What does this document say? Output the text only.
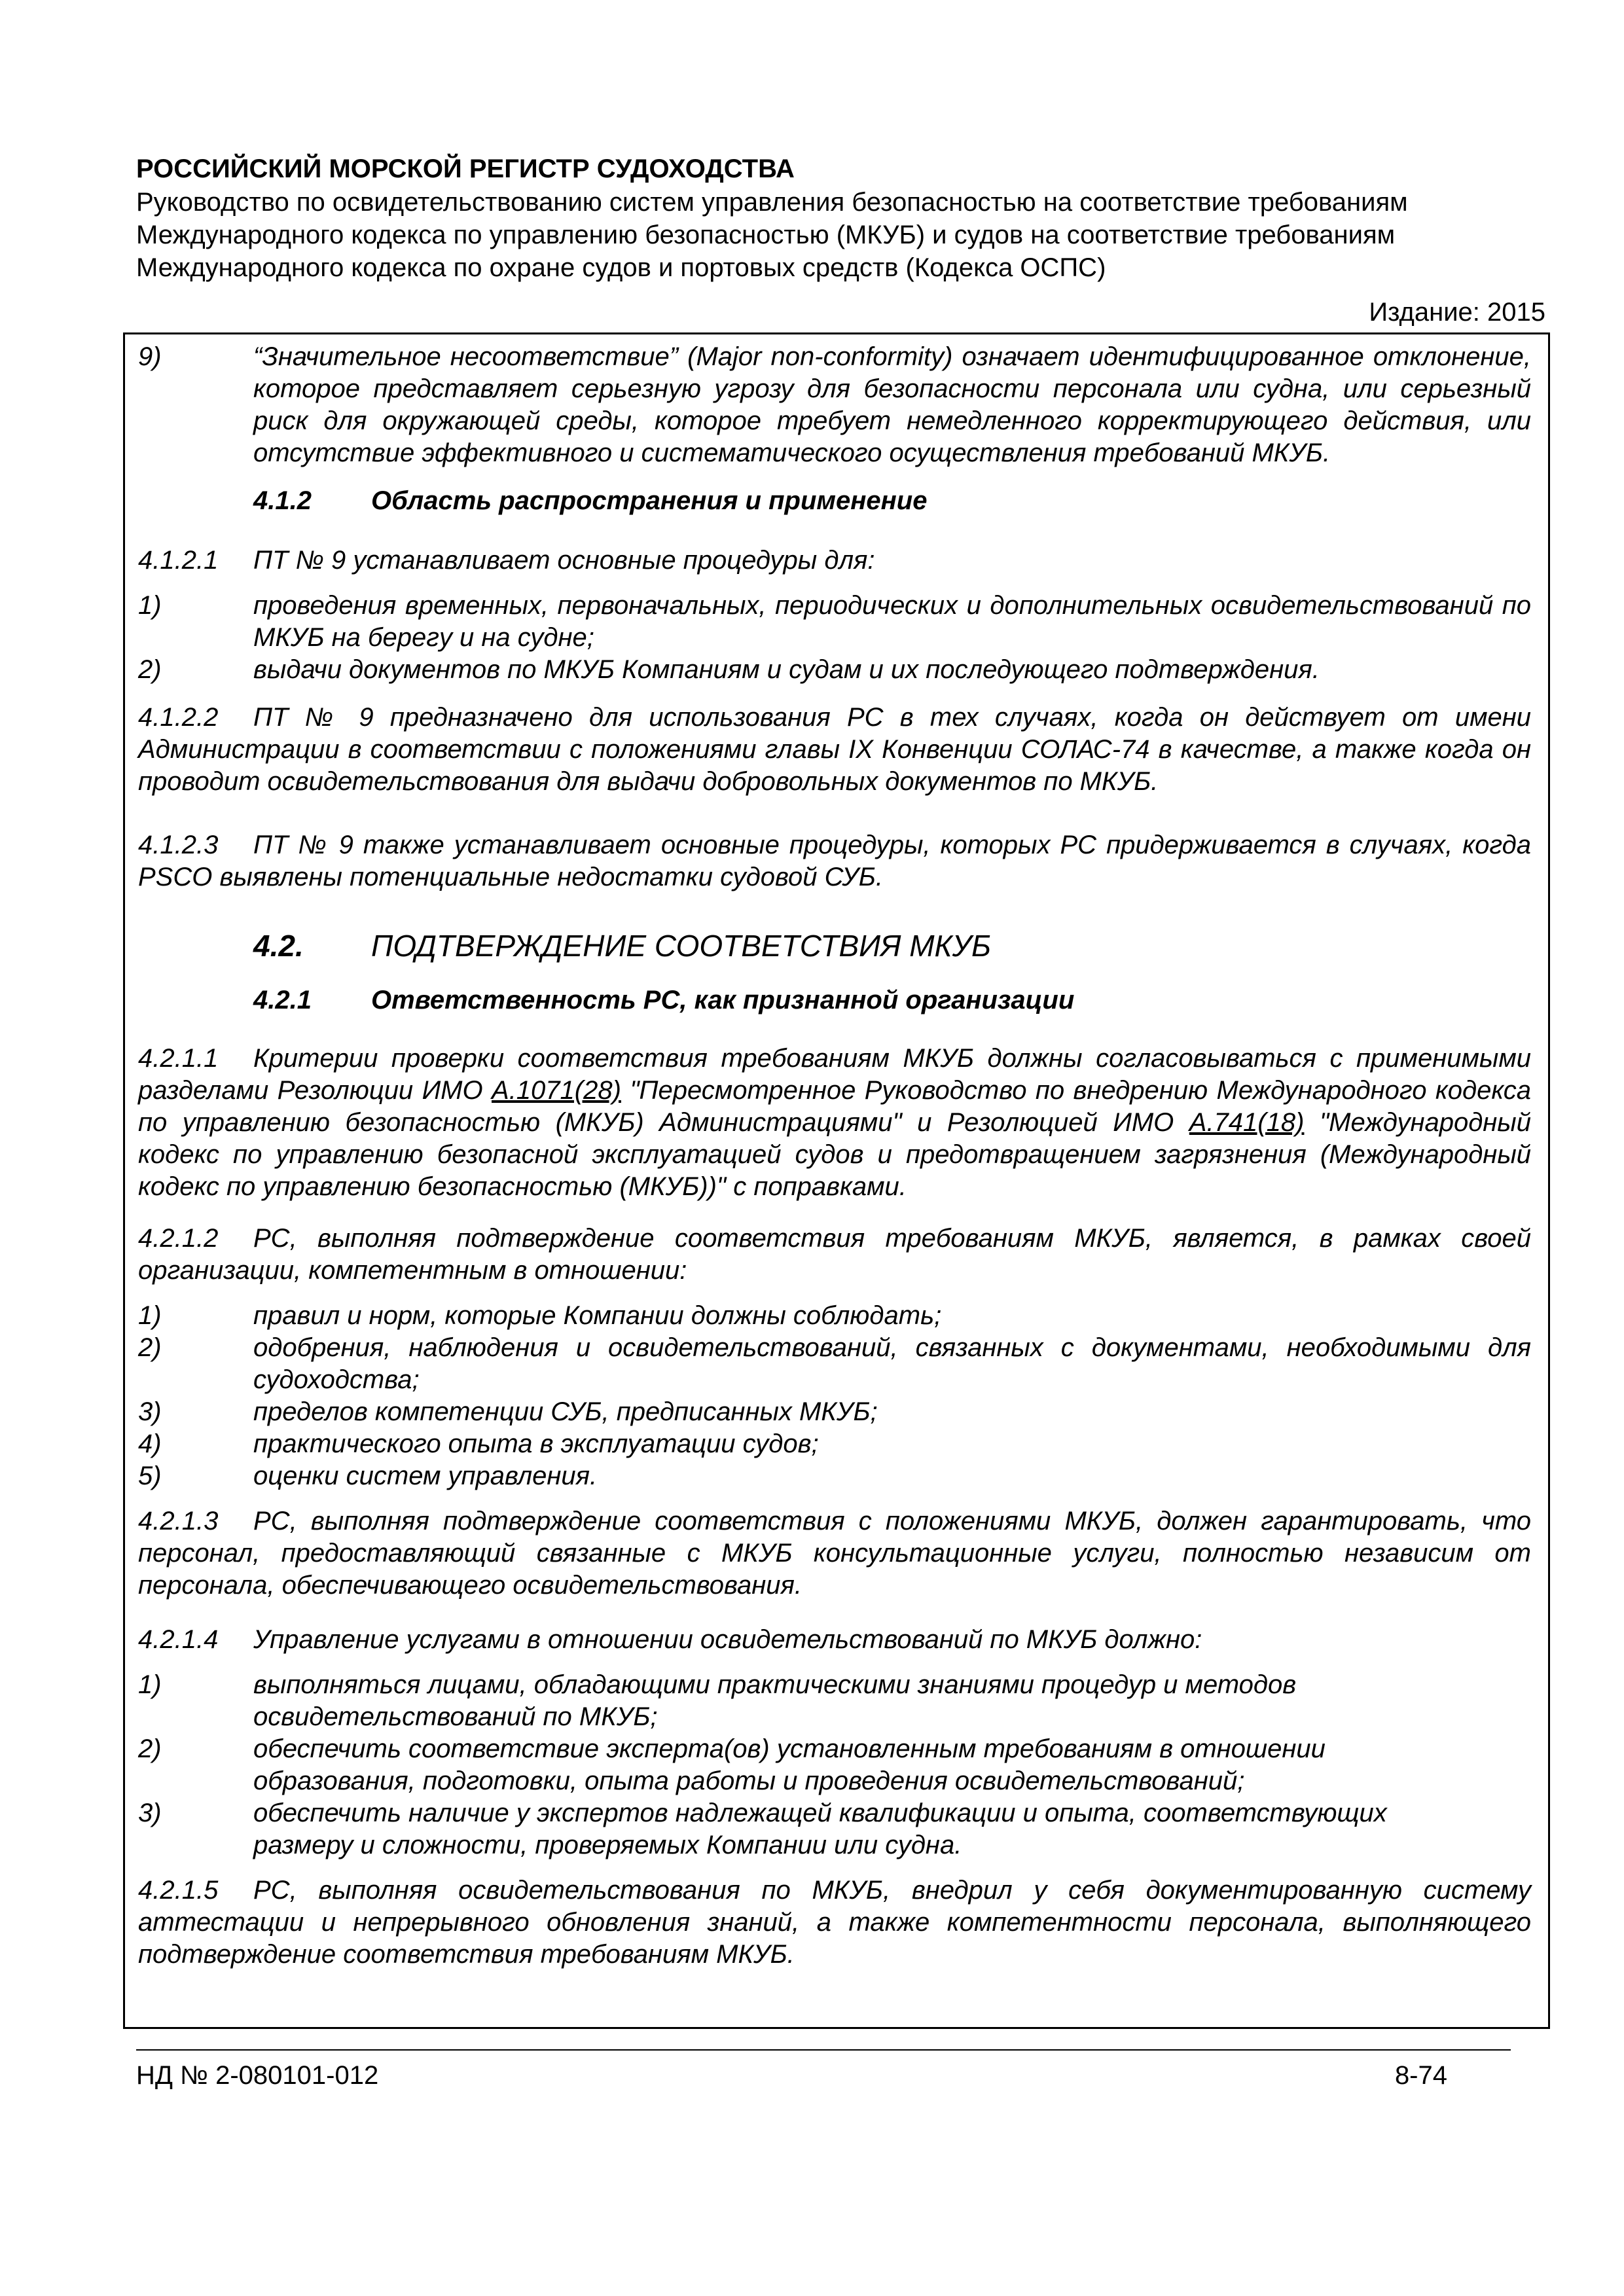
РОССИЙСКИЙ МОРСКОЙ РЕГИСТР СУДОХОДСТВА
Руководство по освидетельствованию систем управления безопасностью на соответствие требованиям
Международного кодекса по управлению безопасностью (МКУБ) и судов на соответствие требованиям
Международного кодекса по охране судов и портовых средств (Кодекса ОСПС)
Издание: 2015
9)	“Значительное несоответствие” (Major non-conformity) означает идентифицированное отклонение, которое представляет серьезную угрозу для безопасности персонала или судна, или серьезный риск для окружающей среды, которое требует немедленного корректирующего действия, или отсутствие эффективного и систематического осуществления требований МКУБ.
4.1.2 Область распространения и применение

4.1.2.1 ПТ № 9 устанавливает основные процедуры для:

1)	проведения временных, первоначальных, периодических и дополнительных освидетельствований по МКУБ на берегу и на судне;
2)	выдачи документов по МКУБ Компаниям и судам и их последующего подтверждения.

4.1.2.2 ПТ № 9 предназначено для использования РС в тех случаях, когда он действует от имени Администрации в соответствии с положениями главы IX Конвенции СОЛАС-74 в качестве, а также когда он проводит освидетельствования для выдачи добровольных документов по МКУБ.

4.1.2.3 ПТ № 9 также устанавливает основные процедуры, которых РС придерживается в случаях, когда PSCO выявлены потенциальные недостатки судовой СУБ.

4.2. ПОДТВЕРЖДЕНИЕ СООТВЕТСТВИЯ МКУБ
4.2.1 Ответственность РС, как признанной организации

4.2.1.1 Критерии проверки соответствия требованиям МКУБ должны согласовываться с применимыми разделами Резолюции ИМО A.1071(28) "Пересмотренное Руководство по внедрению Международного кодекса по управлению безопасностью (МКУБ) Администрациями" и Резолюцией ИМО A.741(18) "Международный кодекс по управлению безопасной эксплуатацией судов и предотвращением загрязнения (Международный кодекс по управлению безопасностью (МКУБ))" с поправками.

4.2.1.2 РС, выполняя подтверждение соответствия требованиям МКУБ, является, в рамках своей организации, компетентным в отношении:

1)	правил и норм, которые Компании должны соблюдать;
2)	одобрения, наблюдения и освидетельствований, связанных с документами, необходимыми для судоходства;
3)	пределов компетенции СУБ, предписанных МКУБ;
4)	практического опыта в эксплуатации судов;
5)	оценки систем управления.

4.2.1.3 РС, выполняя подтверждение соответствия с положениями МКУБ, должен гарантировать, что персонал, предоставляющий связанные с МКУБ консультационные услуги, полностью независим от персонала, обеспечивающего освидетельствования.

4.2.1.4 Управление услугами в отношении освидетельствований по МКУБ должно:

1)	выполняться лицами, обладающими практическими знаниями процедур и методов освидетельствований по МКУБ;
2)	обеспечить соответствие эксперта(ов) установленным требованиям в отношении образования, подготовки, опыта работы и проведения освидетельствований;
3)	обеспечить наличие у экспертов надлежащей квалификации и опыта, соответствующих размеру и сложности, проверяемых Компании или судна.

4.2.1.5 РС, выполняя освидетельствования по МКУБ, внедрил у себя документированную систему аттестации и непрерывного обновления знаний, а также компетентности персонала, выполняющего подтверждение соответствия требованиям МКУБ.

НД № 2-080101-012	8-74
